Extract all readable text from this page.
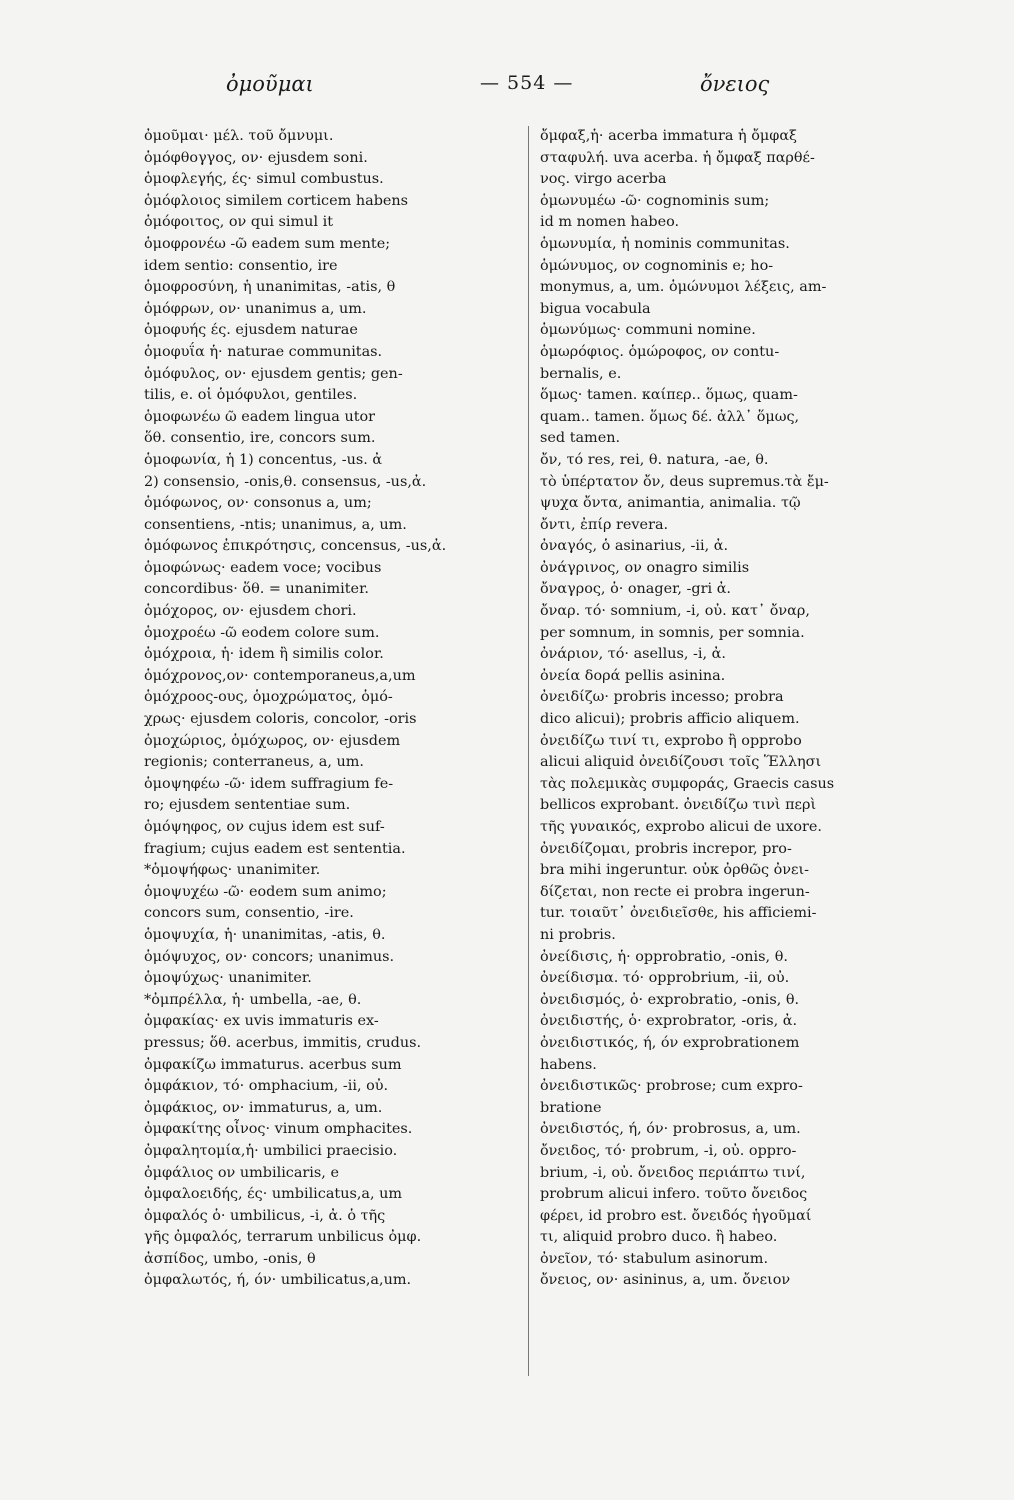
ὀμοῦμαι	— 554 —	ὄνειος
ὀμοῦμαι· μέλ. τοῦ ὄμνυμι.
ὁμόφθογγος, ον· ejusdem soni.
ὁμοφλεγής, ές· simul combustus.
ὁμόφλοιος similem corticem habens
ὁμόφοιτος, ον qui simul it
ὁμοφρονέω -ῶ eadem sum mente;
idem sentio: consentio, ire
ὁμοφροσύνη, ἡ unanimitas, -atis, θ
ὁμόφρων, ον· unanimus a, um.
ὁμοφυής ές. ejusdem naturae
ὁμοφυΐα ἡ· naturae communitas.
ὁμόφυλος, ον· ejusdem gentis; gen-
tilis, e. οἱ ὁμόφυλοι, gentiles.
ὁμοφωνέω ῶ eadem lingua utor
ὅθ. consentio, ire, concors sum.
ὁμοφωνία, ἡ 1) concentus, -us. ἀ
2) consensio, -onis,θ. consensus, -us,ἀ.
ὁμόφωνος, ον· consonus a, um;
consentiens, -ntis; unanimus, a, um.
ὁμόφωνος ἐπικρότησις, concensus, -us,ἀ.
ὁμοφώνως· eadem voce; vocibus
concordibus· ὅθ. = unanimiter.
ὁμόχορος, ον· ejusdem chori.
ὁμοχροέω -ῶ eodem colore sum.
ὁμόχροια, ἡ· idem ἢ similis color.
ὁμόχρονος,ον· contemporaneus,a,um
ὁμόχροος-ους, ὁμοχρώματος, ὁμό-
χρως· ejusdem coloris, concolor, -oris
ὁμοχώριος, ὁμόχωρος, ον· ejusdem
regionis; conterraneus, a, um.
ὁμοψηφέω -ῶ· idem suffragium fe-
ro; ejusdem sententiae sum.
ὁμόψηφος, ον cujus idem est suf-
fragium; cujus eadem est sententia.
*ὁμοψήφως· unanimiter.
ὁμοψυχέω -ῶ· eodem sum animo;
concors sum, consentio, -ire.
ὁμοψυχία, ἡ· unanimitas, -atis, θ.
ὁμόψυχος, ον· concors; unanimus.
ὁμοψύχως· unanimiter.
*ὀμπρέλλα, ἡ· umbella, -ae, θ.
ὀμφακίας· ex uvis immaturis ex-
pressus; ὅθ. acerbus, immitis, crudus.
ὀμφακίζω immaturus. acerbus sum
ὀμφάκιον, τό· omphacium, -ii, οὐ.
ὀμφάκιος, ον· immaturus, a, um.
ὀμφακίτης οἶνος· vinum omphacites.
ὀμφαλητομία,ἡ· umbilici praecisio.
ὀμφάλιος ον umbilicaris, e
ὀμφαλοειδής, ές· umbilicatus,a, um
ὀμφαλός ὁ· umbilicus, -i, ἀ. ὁ τῆς
γῆς ὀμφαλός, terrarum unbilicus ὀμφ.
ἀσπίδος, umbo, -onis, θ
ὀμφαλωτός, ή, όν· umbilicatus,a,um.
ὄμφαξ,ἡ· acerba immatura ἡ ὄμφαξ
σταφυλή. uva acerba. ἡ ὄμφαξ παρθέ-
νος. virgo acerba
ὁμωνυμέω -ῶ· cognominis sum;
id m nomen habeo.
ὁμωνυμία, ἡ nominis communitas.
ὁμώνυμος, ον cognominis e; ho-
monymus, a, um. ὁμώνυμοι λέξεις, am-
bigua vocabula
ὁμωνύμως· communi nomine.
ὁμωρόφιος. ὁμώροφος, ον contu-
bernalis, e.
ὅμως· tamen. καίπερ.. ὅμως, quam-
quam.. tamen. ὅμως δέ. ἀλλ᾽ ὅμως,
sed tamen.
ὄν, τό res, rei, θ. natura, -ae, θ.
τὸ ὑπέρτατον ὄν, deus supremus.τὰ ἔμ-
ψυχα ὄντα, animantia, animalia. τῷ
ὄντι, ἐπίρ revera.
ὀναγός, ὁ asinarius, -ii, ἀ.
ὀνάγρινος, ον onagro similis
ὄναγρος, ὁ· onager, -gri ἀ.
ὄναρ. τό· somnium, -i, οὐ. κατ᾽ ὄναρ,
per somnum, in somnis, per somnia.
ὀνάριον, τό· asellus, -i, ἀ.
ὀνεία δορά pellis asinina.
ὀνειδίζω· probris incesso; probra
dico alicui); probris afficio aliquem.
ὀνειδίζω τινί τι, exprobo ἢ opprobo
alicui aliquid ὀνειδίζουσι τοῖς Ἕλλησι
τὰς πολεμικὰς συμφοράς, Graecis casus
bellicos exprobant. ὀνειδίζω τινὶ περὶ
τῆς γυναικός, exprobo alicui de uxore.
ὀνειδίζομαι, probris increpor, pro-
bra mihi ingeruntur. οὐκ ὀρθῶς ὀνει-
δίζεται, non recte ei probra ingerun-
tur. τοιαῦτ᾽ ὀνειδιεῖσθε, his afficiemi-
ni probris.
ὀνείδισις, ἡ· opprobratio, -onis, θ.
ὀνείδισμα. τό· opprobrium, -ii, οὐ.
ὀνειδισμός, ὁ· exprobratio, -onis, θ.
ὀνειδιστής, ὁ· exprobrator, -oris, ἀ.
ὀνειδιστικός, ή, όν exprobrationem
habens.
ὀνειδιστικῶς· probrose; cum expro-
bratione
ὀνειδιστός, ή, όν· probrosus, a, um.
ὄνειδος, τό· probrum, -i, οὐ. oppro-
brium, -i, οὐ. ὄνειδος περιάπτω τινί,
probrum alicui infero. τοῦτο ὄνειδος
φέρει, id probro est. ὄνειδός ἡγοῦμαί
τι, aliquid probro duco. ἢ habeo.
ὀνεῖον, τό· stabulum asinorum.
ὄνειος, ον· asininus, a, um. ὄνειον
